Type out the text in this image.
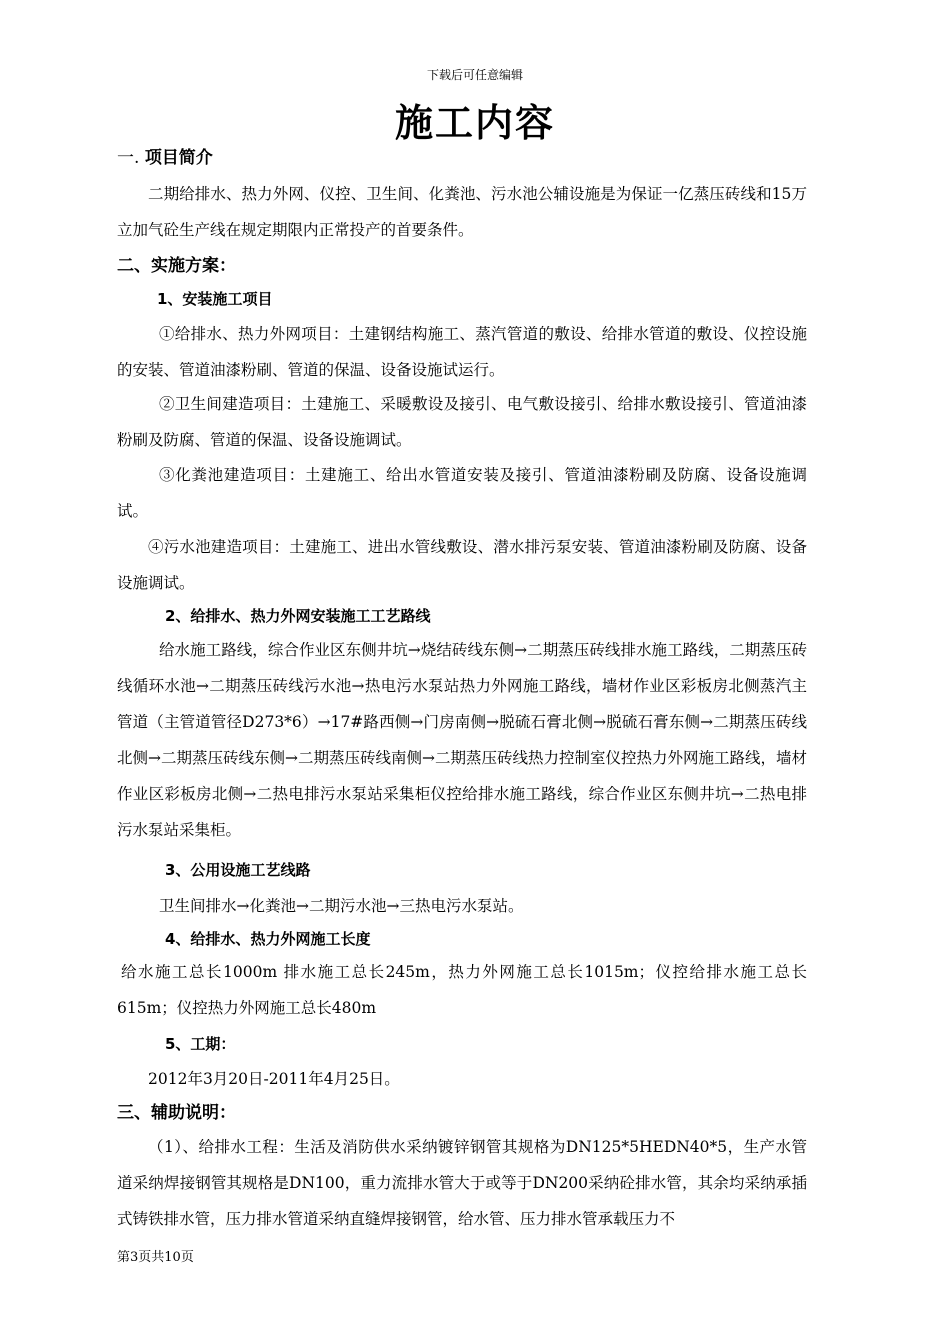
下载后可任意编辑
施工内容
一. 项目简介
二期给排水、热力外网、仪控、卫生间、化粪池、污水池公辅设施是为保证一亿蒸压砖线和15万立加气砼生产线在规定期限内正常投产的首要条件。
二、实施方案：
1、安装施工项目
①给排水、热力外网项目：土建钢结构施工、蒸汽管道的敷设、给排水管道的敷设、仪控设施的安装、管道油漆粉刷、管道的保温、设备设施试运行。
②卫生间建造项目：土建施工、采暖敷设及接引、电气敷设接引、给排水敷设接引、管道油漆粉刷及防腐、管道的保温、设备设施调试。
③化粪池建造项目：土建施工、给出水管道安装及接引、管道油漆粉刷及防腐、设备设施调试。
④污水池建造项目：土建施工、进出水管线敷设、潜水排污泵安装、管道油漆粉刷及防腐、设备设施调试。
2、给排水、热力外网安装施工工艺路线
给水施工路线，综合作业区东侧井坑→烧结砖线东侧→二期蒸压砖线排水施工路线，二期蒸压砖线循环水池→二期蒸压砖线污水池→热电污水泵站热力外网施工路线，墙材作业区彩板房北侧蒸汽主管道（主管道管径D273*6）→17#路西侧→门房南侧→脱硫石膏北侧→脱硫石膏东侧→二期蒸压砖线北侧→二期蒸压砖线东侧→二期蒸压砖线南侧→二期蒸压砖线热力控制室仪控热力外网施工路线，墙材作业区彩板房北侧→二热电排污水泵站采集柜仪控给排水施工路线，综合作业区东侧井坑→二热电排污水泵站采集柜。
3、公用设施工艺线路
卫生间排水→化粪池→二期污水池→三热电污水泵站。
4、给排水、热力外网施工长度
给水施工总长1000m 排水施工总长245m，热力外网施工总长1015m；仪控给排水施工总长615m；仪控热力外网施工总长480m
5、工期：
2012年3月20日-2011年4月25日。
三、辅助说明：
（1）、给排水工程：生活及消防供水采纳镀锌钢管其规格为DN125*5HEDN40*5，生产水管道采纳焊接钢管其规格是DN100，重力流排水管大于或等于DN200采纳砼排水管，其余均采纳承插式铸铁排水管，压力排水管道采纳直缝焊接钢管，给水管、压力排水管承载压力不
第3页共10页
